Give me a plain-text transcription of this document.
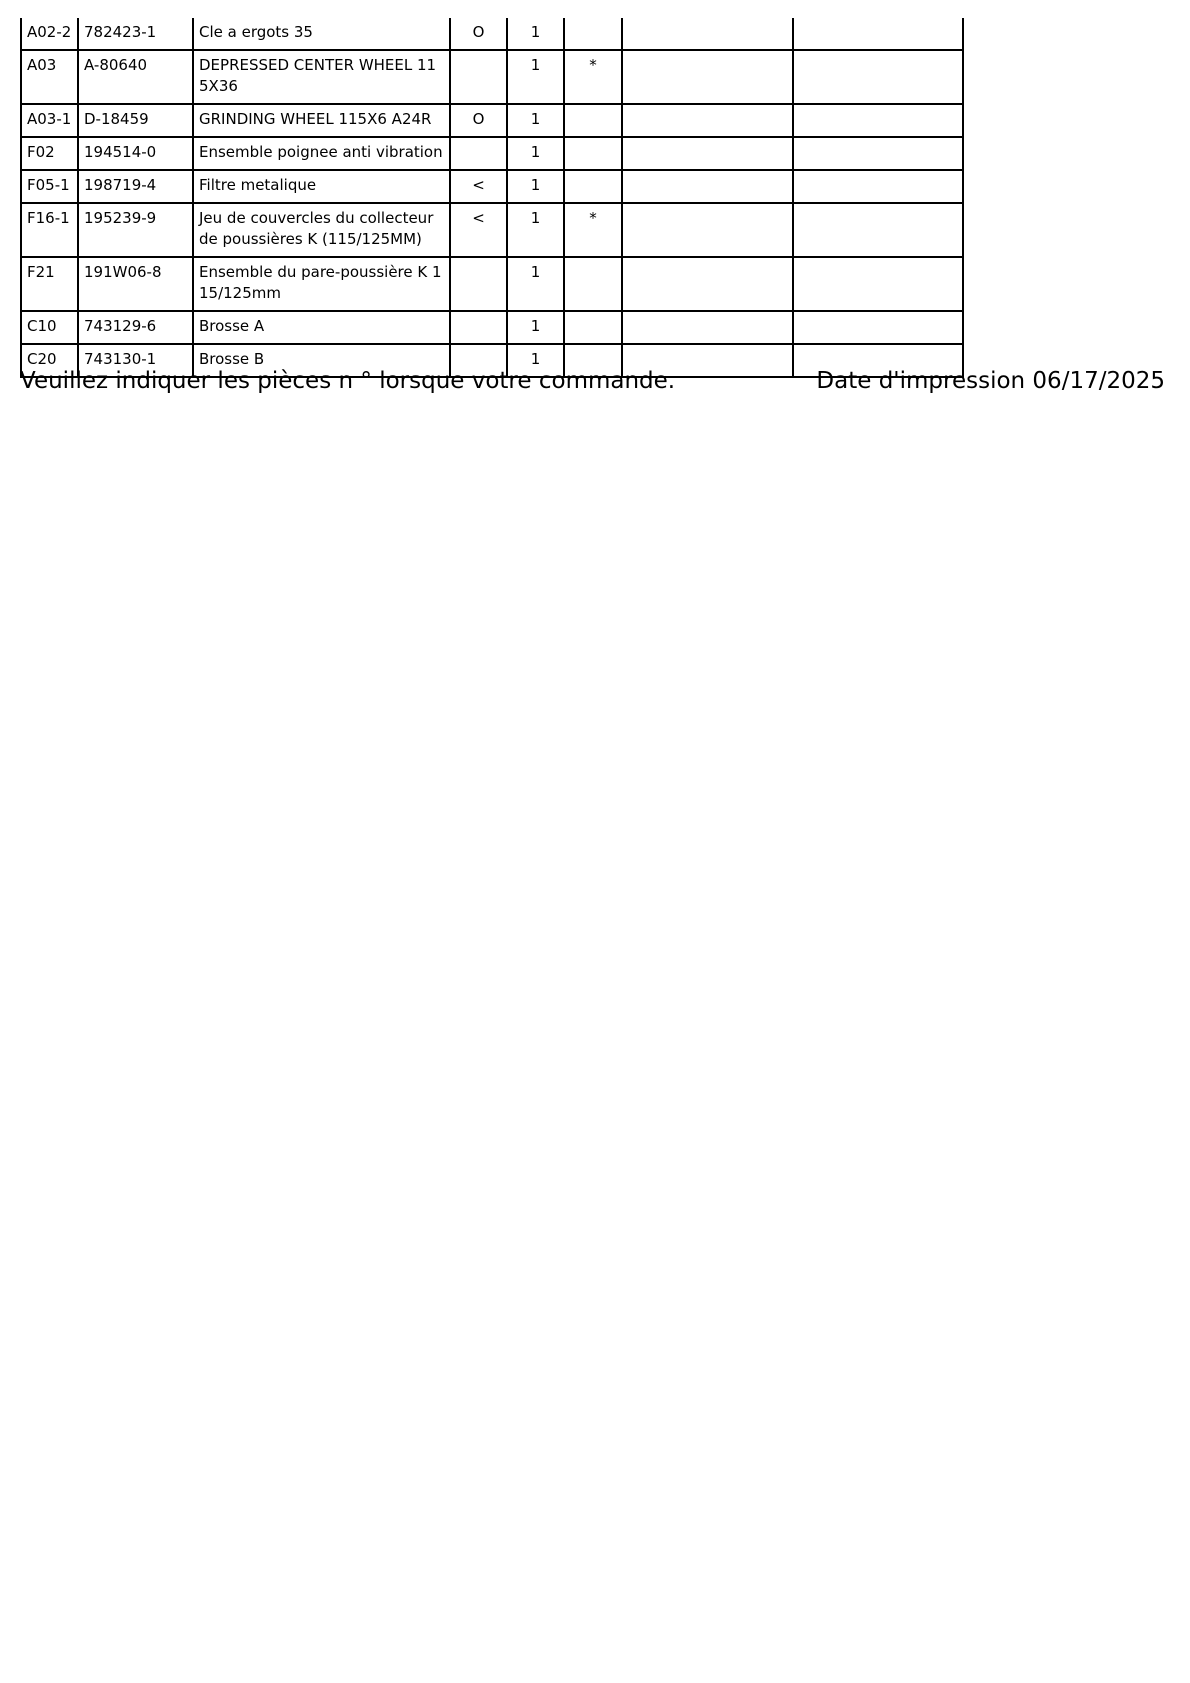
A02-2	782423-1	Cle a ergots 35	O	1			
A03	A-80640	DEPRESSED CENTER WHEEL 115X36		1	*		
A03-1	D-18459	GRINDING WHEEL 115X6 A24R	O	1			
F02	194514-0	Ensemble poignee anti vibration		1			
F05-1	198719-4	Filtre metalique	<	1			
F16-1	195239-9	Jeu de couvercles du collecteur de poussières K (115/125MM)	<	1	*		
F21	191W06-8	Ensemble du pare-poussière K 115/125mm		1			
C10	743129-6	Brosse A		1			
C20	743130-1	Brosse B		1			
Veuillez indiquer les pièces n ° lorsque votre commande.	Date d'impression 06/17/2025
